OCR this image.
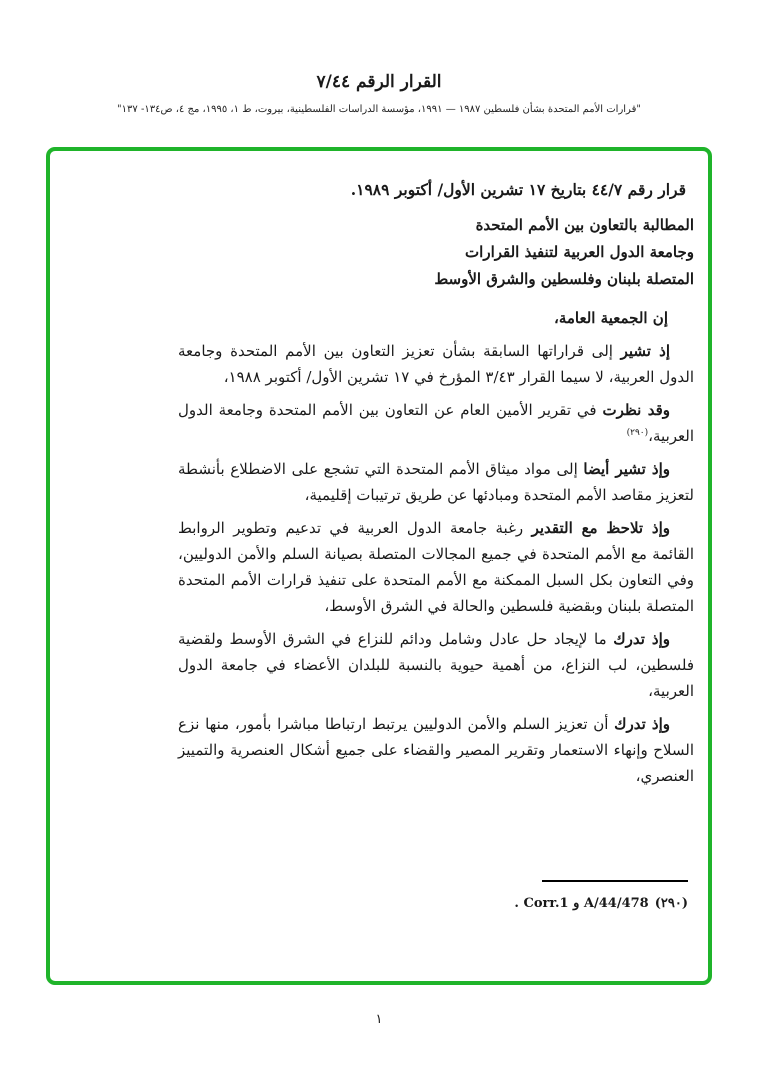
القرار الرقم ٧/٤٤
"قرارات الأمم المتحدة بشأن فلسطين ١٩٨٧ — ١٩٩١، مؤسسة الدراسات الفلسطينية، بيروت، ط ١، ١٩٩٥، مج ٤، ص١٣٤- ١٣٧"

قرار رقم ٤٤/٧ بتاريخ ١٧ تشرين الأول/ أكتوبر ١٩٨٩.

المطالبة بالتعاون بين الأمم المتحدة
وجامعة الدول العربية لتنفيذ القرارات
المتصلة بلبنان وفلسطين والشرق الأوسط

إن الجمعية العامة،

إذ تشير إلى قراراتها السابقة بشأن تعزيز التعاون بين الأمم المتحدة وجامعة الدول العربية، لا سيما القرار ٣/٤٣ المؤرخ في ١٧ تشرين الأول/ أكتوبر ١٩٨٨،

وقد نظرت في تقرير الأمين العام عن التعاون بين الأمم المتحدة وجامعة الدول العربية،$^{(٢٩٠)}$

وإذ تشير أيضا إلى مواد ميثاق الأمم المتحدة التي تشجع على الاضطلاع بأنشطة لتعزيز مقاصد الأمم المتحدة ومبادئها عن طريق ترتيبات إقليمية،

وإذ تلاحظ مع التقدير رغبة جامعة الدول العربية في تدعيم وتطوير الروابط القائمة مع الأمم المتحدة في جميع المجالات المتصلة بصيانة السلم والأمن الدوليين، وفي التعاون بكل السبل الممكنة مع الأمم المتحدة على تنفيذ قرارات الأمم المتحدة المتصلة بلبنان وبقضية فلسطين والحالة في الشرق الأوسط،

وإذ تدرك ما لإيجاد حل عادل وشامل ودائم للنزاع في الشرق الأوسط ولقضية فلسطين، لب النزاع، من أهمية حيوية بالنسبة للبلدان الأعضاء في جامعة الدول العربية،

وإذ تدرك أن تعزيز السلم والأمن الدوليين يرتبط ارتباطا مباشرا بأمور، منها نزع السلاح وإنهاء الاستعمار وتقرير المصير والقضاء على جميع أشكال العنصرية والتمييز العنصري،

(٢٩٠)A/44/478 و Corr.1 .

١
